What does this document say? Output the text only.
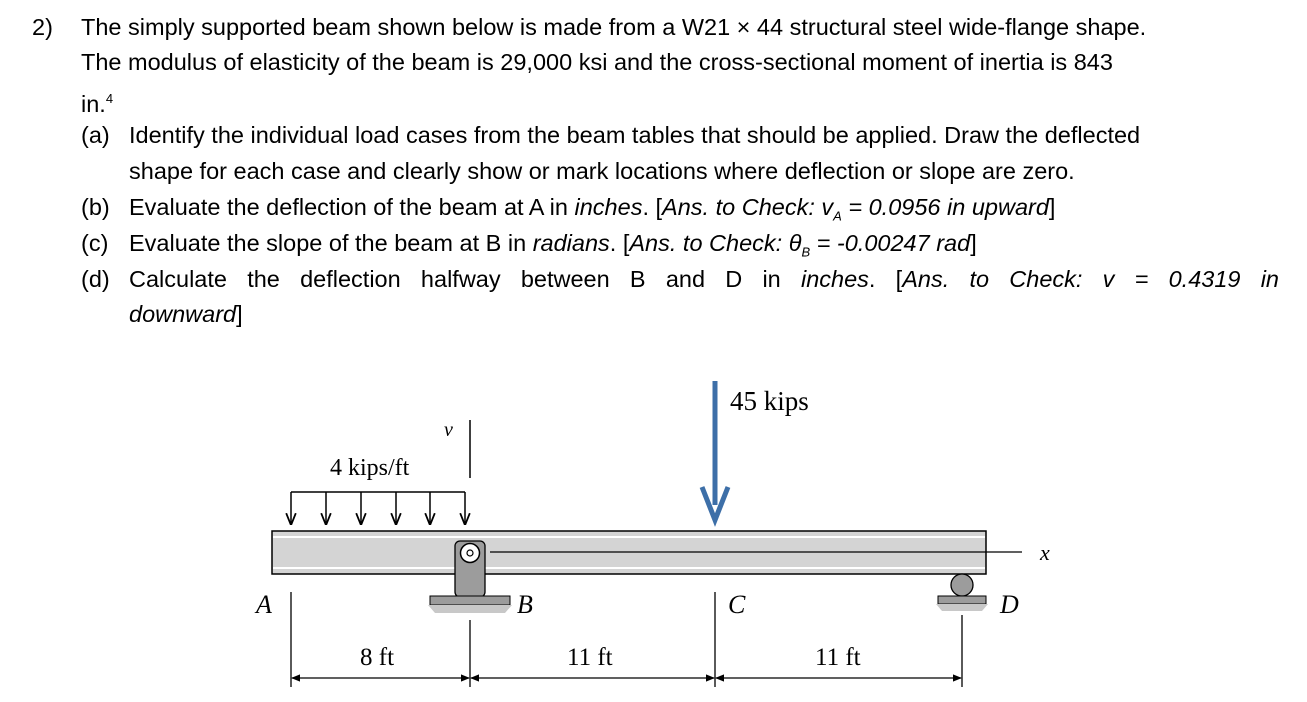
2) The simply supported beam shown below is made from a W21 × 44 structural steel wide-flange shape.
The modulus of elasticity of the beam is 29,000 ksi and the cross-sectional moment of inertia is 843
in.$^4$
(a) Identify the individual load cases from the beam tables that should be applied. Draw the deflected
shape for each case and clearly show or mark locations where deflection or slope are zero.
(b) Evaluate the deflection of the beam at A in inches. [Ans. to Check: $v_A = 0.0956$ in upward]
(c) Evaluate the slope of the beam at B in radians. [Ans. to Check: $\theta_B = -0.00247$ rad]
(d) Calculate the deflection halfway between B and D in inches. [Ans. to Check: v = 0.4319 in
downward]
v
4 kips/ft
45 kips
x
A	B	C	D
8 ft	11 ft	11 ft
